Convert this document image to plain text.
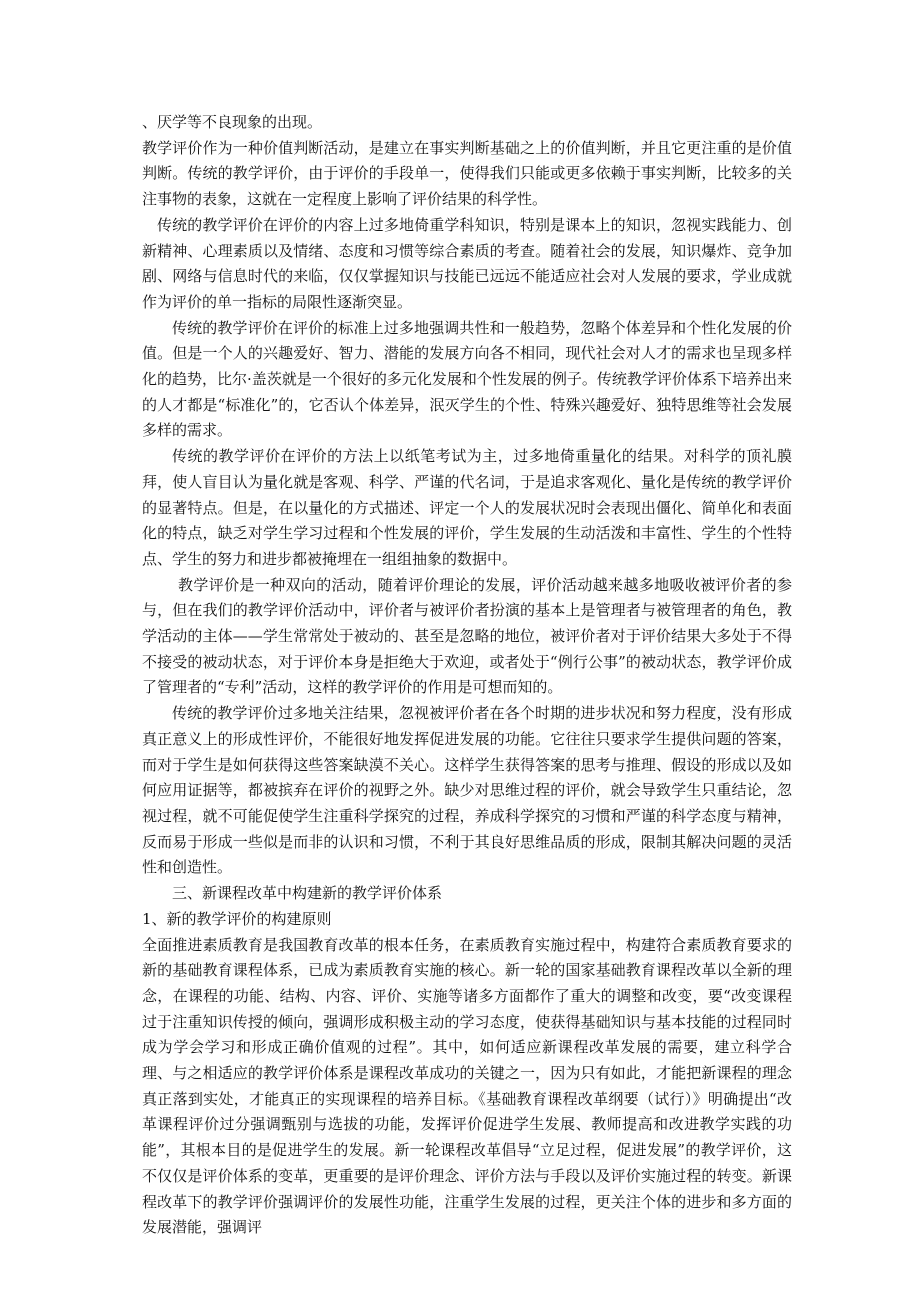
、厌学等不良现象的出现。

教学评价作为一种价值判断活动，是建立在事实判断基础之上的价值判断，并且它更注重的是价值判断。传统的教学评价，由于评价的手段单一，使得我们只能或更多依赖于事实判断，比较多的关注事物的表象，这就在一定程度上影响了评价结果的科学性。

传统的教学评价在评价的内容上过多地倚重学科知识，特别是课本上的知识，忽视实践能力、创新精神、心理素质以及情绪、态度和习惯等综合素质的考查。随着社会的发展，知识爆炸、竞争加剧、网络与信息时代的来临，仅仅掌握知识与技能已远远不能适应社会对人发展的要求，学业成就作为评价的单一指标的局限性逐渐突显。

传统的教学评价在评价的标准上过多地强调共性和一般趋势，忽略个体差异和个性化发展的价值。但是一个人的兴趣爱好、智力、潜能的发展方向各不相同，现代社会对人才的需求也呈现多样化的趋势，比尔·盖茨就是一个很好的多元化发展和个性发展的例子。传统教学评价体系下培养出来的人才都是“标准化”的，它否认个体差异，泯灭学生的个性、特殊兴趣爱好、独特思维等社会发展多样的需求。

传统的教学评价在评价的方法上以纸笔考试为主，过多地倚重量化的结果。对科学的顶礼膜拜，使人盲目认为量化就是客观、科学、严谨的代名词，于是追求客观化、量化是传统的教学评价的显著特点。但是，在以量化的方式描述、评定一个人的发展状况时会表现出僵化、简单化和表面化的特点，缺乏对学生学习过程和个性发展的评价，学生发展的生动活泼和丰富性、学生的个性特点、学生的努力和进步都被掩埋在一组组抽象的数据中。

教学评价是一种双向的活动，随着评价理论的发展，评价活动越来越多地吸收被评价者的参与，但在我们的教学评价活动中，评价者与被评价者扮演的基本上是管理者与被管理者的角色，教学活动的主体——学生常常处于被动的、甚至是忽略的地位，被评价者对于评价结果大多处于不得不接受的被动状态，对于评价本身是拒绝大于欢迎，或者处于“例行公事”的被动状态，教学评价成了管理者的“专利”活动，这样的教学评价的作用是可想而知的。

传统的教学评价过多地关注结果，忽视被评价者在各个时期的进步状况和努力程度，没有形成真正意义上的形成性评价，不能很好地发挥促进发展的功能。它往往只要求学生提供问题的答案，而对于学生是如何获得这些答案缺漠不关心。这样学生获得答案的思考与推理、假设的形成以及如何应用证据等，都被摈弃在评价的视野之外。缺少对思维过程的评价，就会导致学生只重结论，忽视过程，就不可能促使学生注重科学探究的过程，养成科学探究的习惯和严谨的科学态度与精神，反而易于形成一些似是而非的认识和习惯，不利于其良好思维品质的形成，限制其解决问题的灵活性和创造性。

三、新课程改革中构建新的教学评价体系

1、新的教学评价的构建原则

全面推进素质教育是我国教育改革的根本任务，在素质教育实施过程中，构建符合素质教育要求的新的基础教育课程体系，已成为素质教育实施的核心。新一轮的国家基础教育课程改革以全新的理念，在课程的功能、结构、内容、评价、实施等诸多方面都作了重大的调整和改变，要“改变课程过于注重知识传授的倾向，强调形成积极主动的学习态度，使获得基础知识与基本技能的过程同时成为学会学习和形成正确价值观的过程”。其中，如何适应新课程改革发展的需要，建立科学合理、与之相适应的教学评价体系是课程改革成功的关键之一，因为只有如此，才能把新课程的理念真正落到实处，才能真正的实现课程的培养目标。《基础教育课程改革纲要（试行）》明确提出“改革课程评价过分强调甄别与选拔的功能，发挥评价促进学生发展、教师提高和改进教学实践的功能”，其根本目的是促进学生的发展。新一轮课程改革倡导“立足过程，促进发展”的教学评价，这不仅仅是评价体系的变革，更重要的是评价理念、评价方法与手段以及评价实施过程的转变。新课程改革下的教学评价强调评价的发展性功能，注重学生发展的过程，更关注个体的进步和多方面的发展潜能，强调评
